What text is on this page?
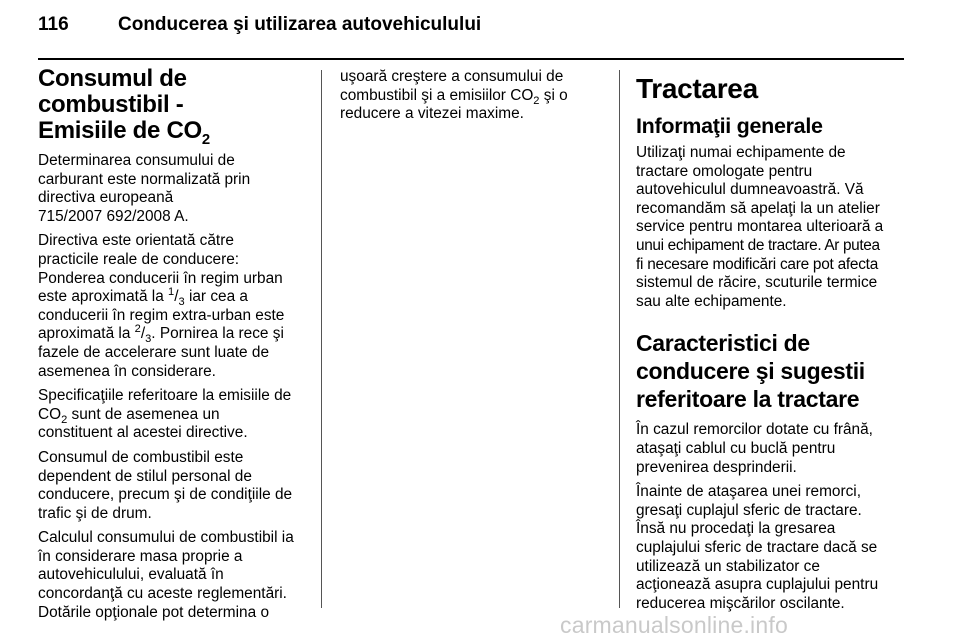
116	Conducerea şi utilizarea autovehiculului
Consumul de combustibil -
Emisiile de $CO_2$

Determinarea consumului de
carburant este normalizată prin
directiva europeană
715/2007 692/2008 A.

Directiva este orientată către
practicile reale de conducere:
Ponderea conducerii în regim urban
este aproximată la $^1/_3$ iar cea a
conducerii în regim extra-urban este
aproximată la $^2/_3$. Pornirea la rece şi
fazele de accelerare sunt luate de
asemenea în considerare.

Specificaţiile referitoare la emisiile de
$CO_2$ sunt de asemenea un
constituent al acestei directive.

Consumul de combustibil este
dependent de stilul personal de
conducere, precum şi de condiţiile de
trafic şi de drum.

Calculul consumului de combustibil ia
în considerare masa proprie a
autovehiculului, evaluată în
concordanţă cu aceste reglementări.
Dotările opţionale pot determina o

uşoară creştere a consumului de
combustibil şi a emisiilor $CO_2$ şi o
reducere a vitezei maxime.

Tractarea
Informaţii generale

Utilizaţi numai echipamente de
tractare omologate pentru
autovehiculul dumneavoastră. Vă
recomandăm să apelaţi la un atelier
service pentru montarea ulterioară a
unui echipament de tractare. Ar putea
fi necesare modificări care pot afecta
sistemul de răcire, scuturile termice
sau alte echipamente.

Caracteristici de
conducere şi sugestii
referitoare la tractare

În cazul remorcilor dotate cu frână,
ataşaţi cablul cu buclă pentru
prevenirea desprinderii.

Înainte de ataşarea unei remorci,
gresaţi cuplajul sferic de tractare.
Însă nu procedaţi la gresarea
cuplajului sferic de tractare dacă se
utilizează un stabilizator ce
acţionează asupra cuplajului pentru
reducerea mişcărilor oscilante.

carmanualsonline.info
